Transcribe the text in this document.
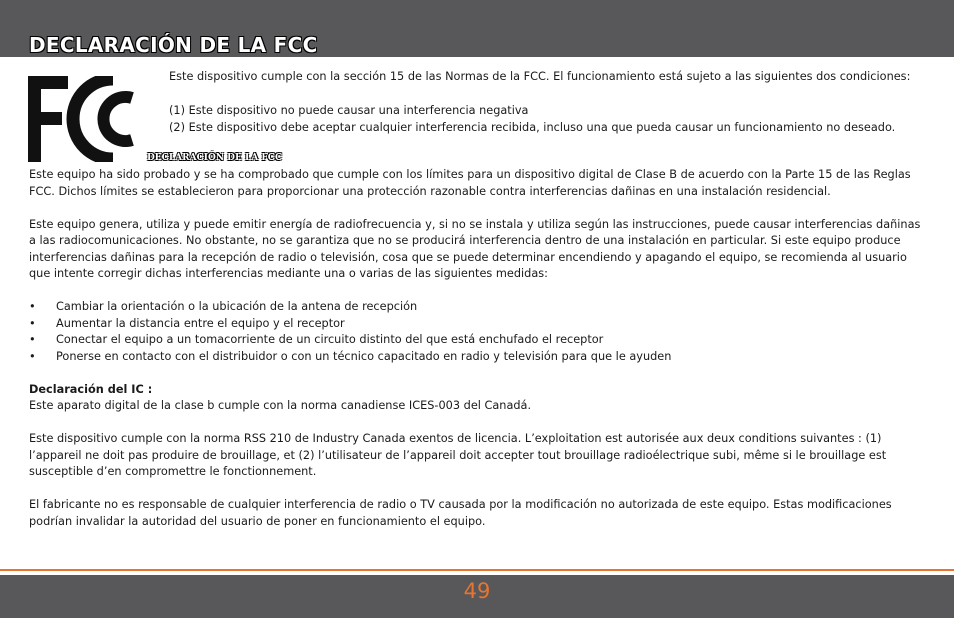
DECLARACIÓN DE LA FCC

Este dispositivo cumple con la sección 15 de las Normas de la FCC. El funcionamiento está sujeto a las siguientes dos condiciones:

(1) Este dispositivo no puede causar una interferencia negativa

(2) Este dispositivo debe aceptar cualquier interferencia recibida, incluso una que pueda causar un funcionamiento no deseado.

DECLARACIÓN DE LA FCC

Este equipo ha sido probado y se ha comprobado que cumple con los límites para un dispositivo digital de Clase B de acuerdo con la Parte 15 de las Reglas FCC. Dichos límites se establecieron para proporcionar una protección razonable contra interferencias dañinas en una instalación residencial.

Este equipo genera, utiliza y puede emitir energía de radiofrecuencia y, si no se instala y utiliza según las instrucciones, puede causar interferencias dañinas a las radiocomunicaciones. No obstante, no se garantiza que no se producirá interferencia dentro de una instalación en particular. Si este equipo produce interferencias dañinas para la recepción de radio o televisión, cosa que se puede determinar encendiendo y apagando el equipo, se recomienda al usuario que intente corregir dichas interferencias mediante una o varias de las siguientes medidas:

• Cambiar la orientación o la ubicación de la antena de recepción
• Aumentar la distancia entre el equipo y el receptor
• Conectar el equipo a un tomacorriente de un circuito distinto del que está enchufado el receptor
• Ponerse en contacto con el distribuidor o con un técnico capacitado en radio y televisión para que le ayuden

Declaración del IC :

Este aparato digital de la clase b cumple con la norma canadiense ICES-003 del Canadá.

Este dispositivo cumple con la norma RSS 210 de Industry Canada exentos de licencia. L’exploitation est autorisée aux deux conditions suivantes : (1) l’appareil ne doit pas produire de brouillage, et (2) l’utilisateur de l’appareil doit accepter tout brouillage radioélectrique subi, même si le brouillage est susceptible d’en compromettre le fonctionnement.

El fabricante no es responsable de cualquier interferencia de radio o TV causada por la modificación no autorizada de este equipo. Estas modificaciones podrían invalidar la autoridad del usuario de poner en funcionamiento el equipo.

49
